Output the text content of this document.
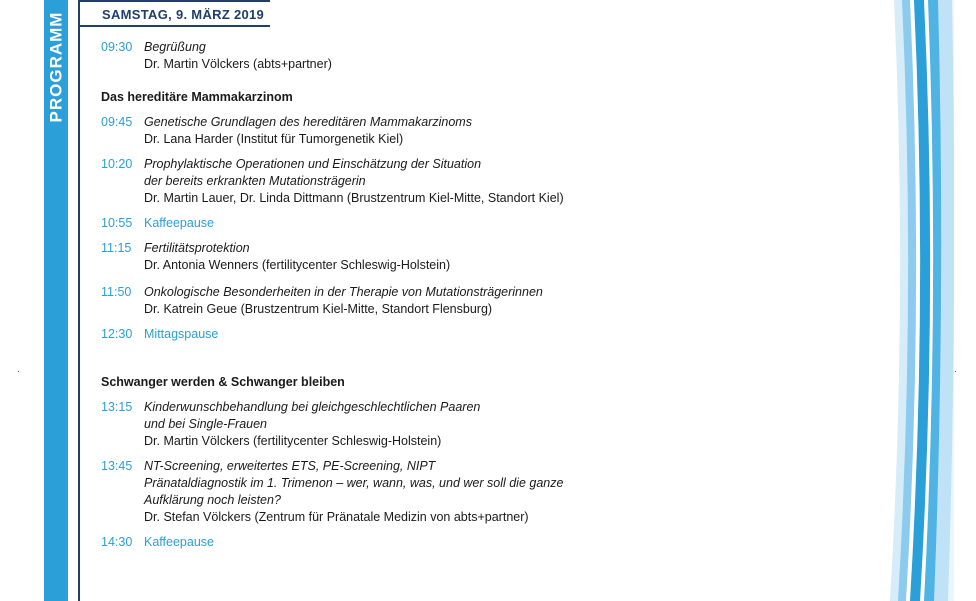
PROGRAMM	SAMSTAG, 9. MÄRZ 2019
09:30 Begrüßung
Dr. Martin Völckers (abts+partner)
Das hereditäre Mammakarzinom
09:45 Genetische Grundlagen des hereditären Mammakarzinoms
Dr. Lana Harder (Institut für Tumorgenetik Kiel)
10:20 Prophylaktische Operationen und Einschätzung der Situation
der bereits erkrankten Mutationsträgerin
Dr. Martin Lauer, Dr. Linda Dittmann (Brustzentrum Kiel-Mitte, Standort Kiel)
10:55 Kaffeepause
11:15	Fertilitätsprotektion
Dr. Antonia Wenners (fertilitycenter Schleswig-Holstein)
11:50	Onkologische Besonderheiten in der Therapie von Mutationsträgerinnen
Dr. Katrein Geue (Brustzentrum Kiel-Mitte, Standort Flensburg)
12:30 Mittagspause
Schwanger werden & Schwanger bleiben
13:15 Kinderwunschbehandlung bei gleichgeschlechtlichen Paaren
und bei Single-Frauen
Dr. Martin Völckers (fertilitycenter Schleswig-Holstein)
13:45 NT-Screening, erweitertes ETS, PE-Screening, NIPT
Pränataldiagnostik im 1. Trimenon – wer, wann, was, und wer soll die ganze
Aufklärung noch leisten?
Dr. Stefan Völckers (Zentrum für Pränatale Medizin von abts+partner)
14:30 Kaffeepause
